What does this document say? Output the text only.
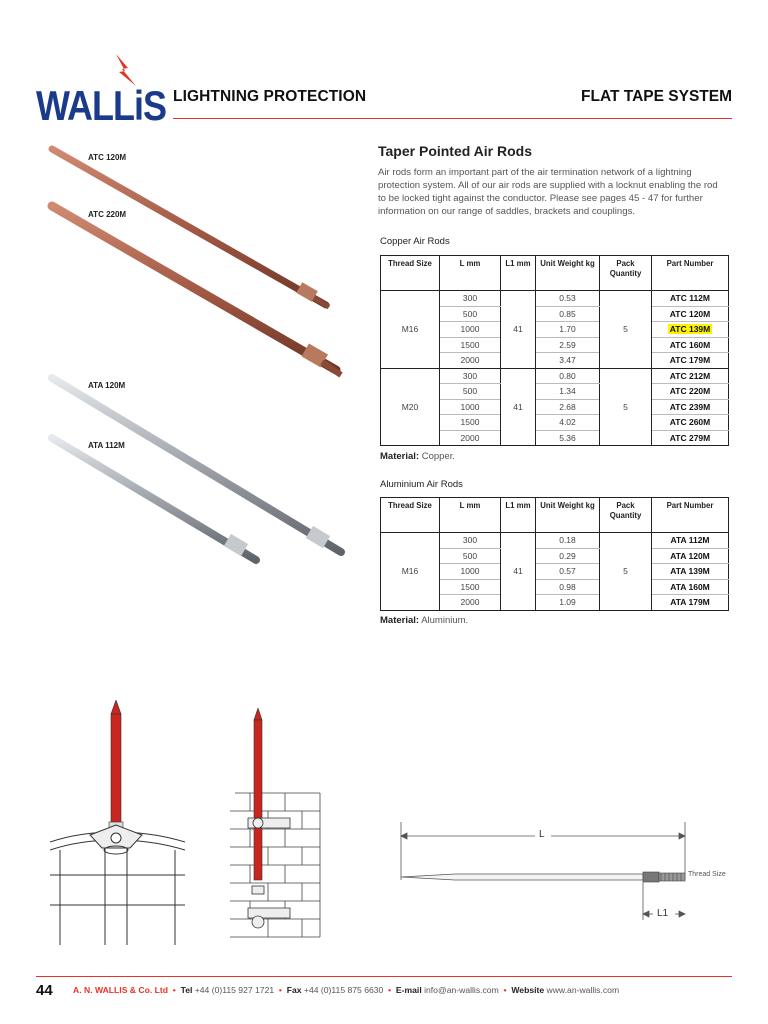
WALLiS LIGHTNING PROTECTION	FLAT TAPE SYSTEM
ATC 120M
ATC 220M
ATA 120M
ATA 112M
Taper Pointed Air Rods
Air rods form an important part of the air termination network of a lightning protection system. All of our air rods are supplied with a locknut enabling the rod to be locked tight against the conductor. Please see pages 45 - 47 for further information on our range of saddles, brackets and couplings.
Copper Air Rods
Thread Size	L mm	L1 mm	Unit Weight kg	Pack Quantity	Part Number
M16	300	41	0.53	5	ATC 112M
	500		0.85		ATC 120M
	1000		1.70		ATC 139M
	1500		2.59		ATC 160M
	2000		3.47		ATC 179M
M20	300	41	0.80	5	ATC 212M
	500		1.34		ATC 220M
	1000		2.68		ATC 239M
	1500		4.02		ATC 260M
	2000		5.36		ATC 279M
Material: Copper.
Aluminium Air Rods
Thread Size	L mm	L1 mm	Unit Weight kg	Pack Quantity	Part Number
M16	300	41	0.18	5	ATA 112M
	500		0.29		ATA 120M
	1000		0.57		ATA 139M
	1500		0.98		ATA 160M
	2000		1.09		ATA 179M
Material: Aluminium.
L
L1
Thread Size
44 A. N. WALLIS & Co. Ltd  •  Tel +44 (0)115 927 1721  •  Fax +44 (0)115 875 6630  •  E-mail info@an-wallis.com  •  Website www.an-wallis.com
